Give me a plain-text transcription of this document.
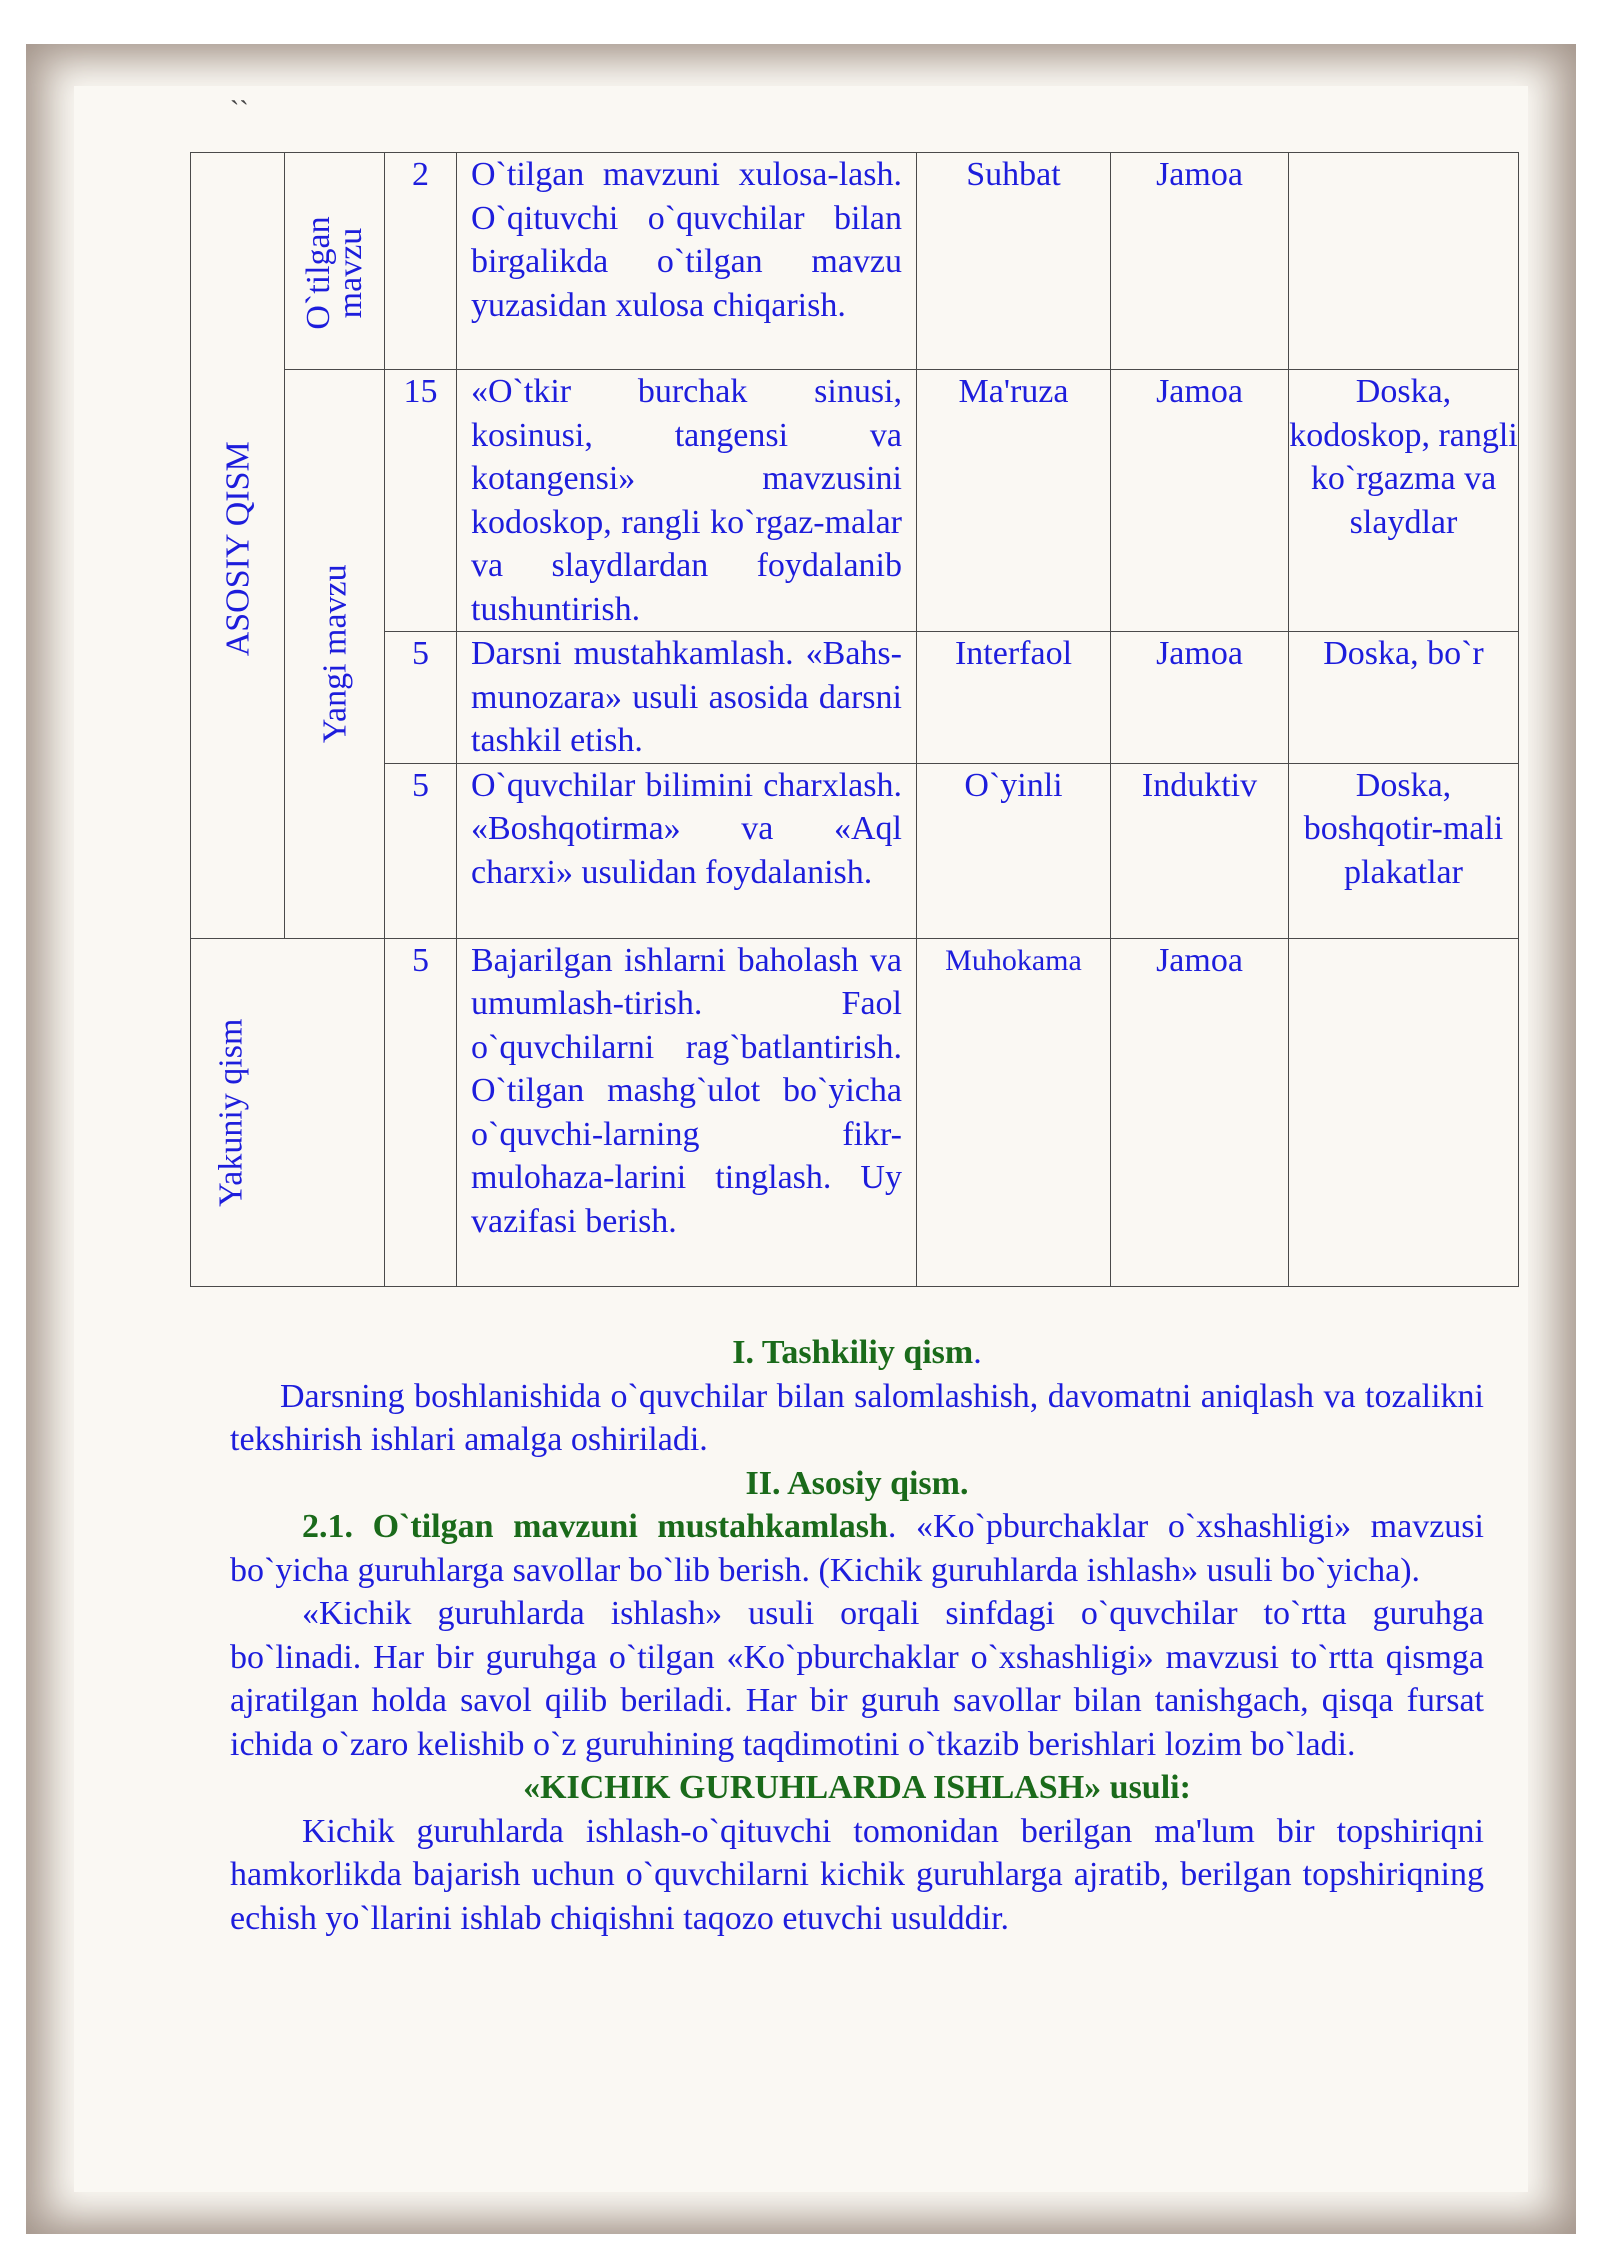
``
ASOSIY QISM	O`tilgan mavzu	2	O`tilgan mavzuni xulosa-lash. O`qituvchi o`quvchilar bilan birgalikda o`tilgan mavzu yuzasidan xulosa chiqarish.	Suhbat	Jamoa	

	Yangi mavzu	15	«O`tkir burchak sinusi, kosinusi, tangensi va kotangensi» mavzusini kodoskop, rangli ko`rgaz-malar va slaydlardan foydalanib tushuntirish.	Ma'ruza	Jamoa	Doska, kodoskop, rangli ko`rgazma va slaydlar
		5	Darsni mustahkamlash. «Bahs-munozara» usuli asosida darsni tashkil etish.	Interfaol	Jamoa	Doska, bo`r
		5	O`quvchilar bilimini charxlash. «Boshqotirma» va «Aql charxi» usulidan foydalanish.	O`yinli	Induktiv	Doska, boshqotir-mali plakatlar

Yakuniy qism		5	Bajarilgan ishlarni baholash va umumlash-tirish. Faol o`quvchilarni rag`batlantirish. O`tilgan mashg`ulot bo`yicha o`quvchi-larning fikr-mulohaza-larini tinglash. Uy vazifasi berish.	Muhokama	Jamoa	

I. Tashkiliy qism.

Darsning boshlanishida o`quvchilar bilan salomlashish, davomatni aniqlash va tozalikni tekshirish ishlari amalga oshiriladi.

II. Asosiy qism.

2.1. O`tilgan mavzuni mustahkamlash. «Ko`pburchaklar o`xshashligi» mavzusi bo`yicha guruhlarga savollar bo`lib berish. (Kichik guruhlarda ishlash» usuli bo`yicha).

«Kichik guruhlarda ishlash» usuli orqali sinfdagi o`quvchilar to`rtta guruhga bo`linadi. Har bir guruhga o`tilgan «Ko`pburchaklar o`xshashligi» mavzusi to`rtta qismga ajratilgan holda savol qilib beriladi. Har bir guruh savollar bilan tanishgach, qisqa fursat ichida o`zaro kelishib o`z guruhining taqdimotini o`tkazib berishlari lozim bo`ladi.

«KICHIK GURUHLARDA ISHLASH» usuli:

Kichik guruhlarda ishlash-o`qituvchi tomonidan berilgan ma'lum bir topshiriqni hamkorlikda bajarish uchun o`quvchilarni kichik guruhlarga ajratib, berilgan topshiriqning echish yo`llarini ishlab chiqishni taqozo etuvchi usulddir.
